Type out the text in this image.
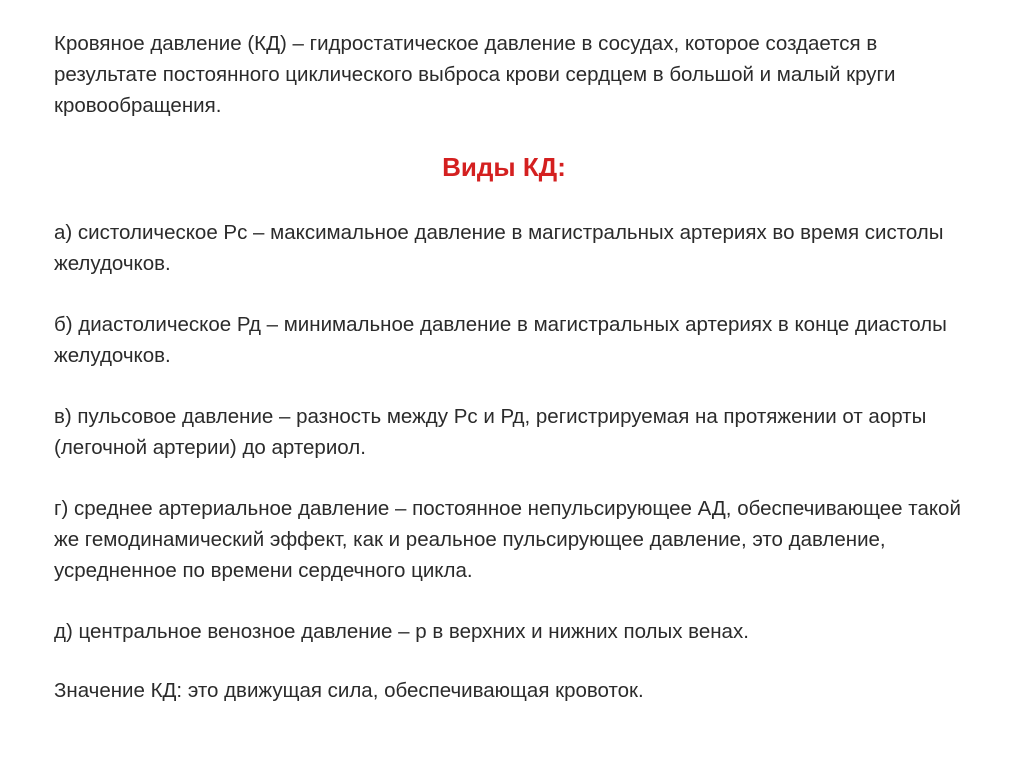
Кровяное давление (КД) – гидростатическое давление в сосудах, которое создается в результате постоянного циклического выброса крови сердцем в большой и малый круги кровообращения.

Виды КД:

а) систолическое Рс – максимальное давление в магистральных артериях во время систолы желудочков.

б) диастолическое Рд – минимальное давление в магистральных артериях в конце диастолы желудочков.

в) пульсовое давление – разность между Рс и Рд, регистрируемая на протяжении от аорты (легочной артерии) до артериол.

г) среднее артериальное давление – постоянное непульсирующее АД, обеспечивающее такой же гемодинамический эффект, как и реальное пульсирующее давление, это давление, усредненное по времени сердечного цикла.

д) центральное венозное давление – р в верхних и нижних полых венах.

Значение КД: это движущая сила, обеспечивающая кровоток.
